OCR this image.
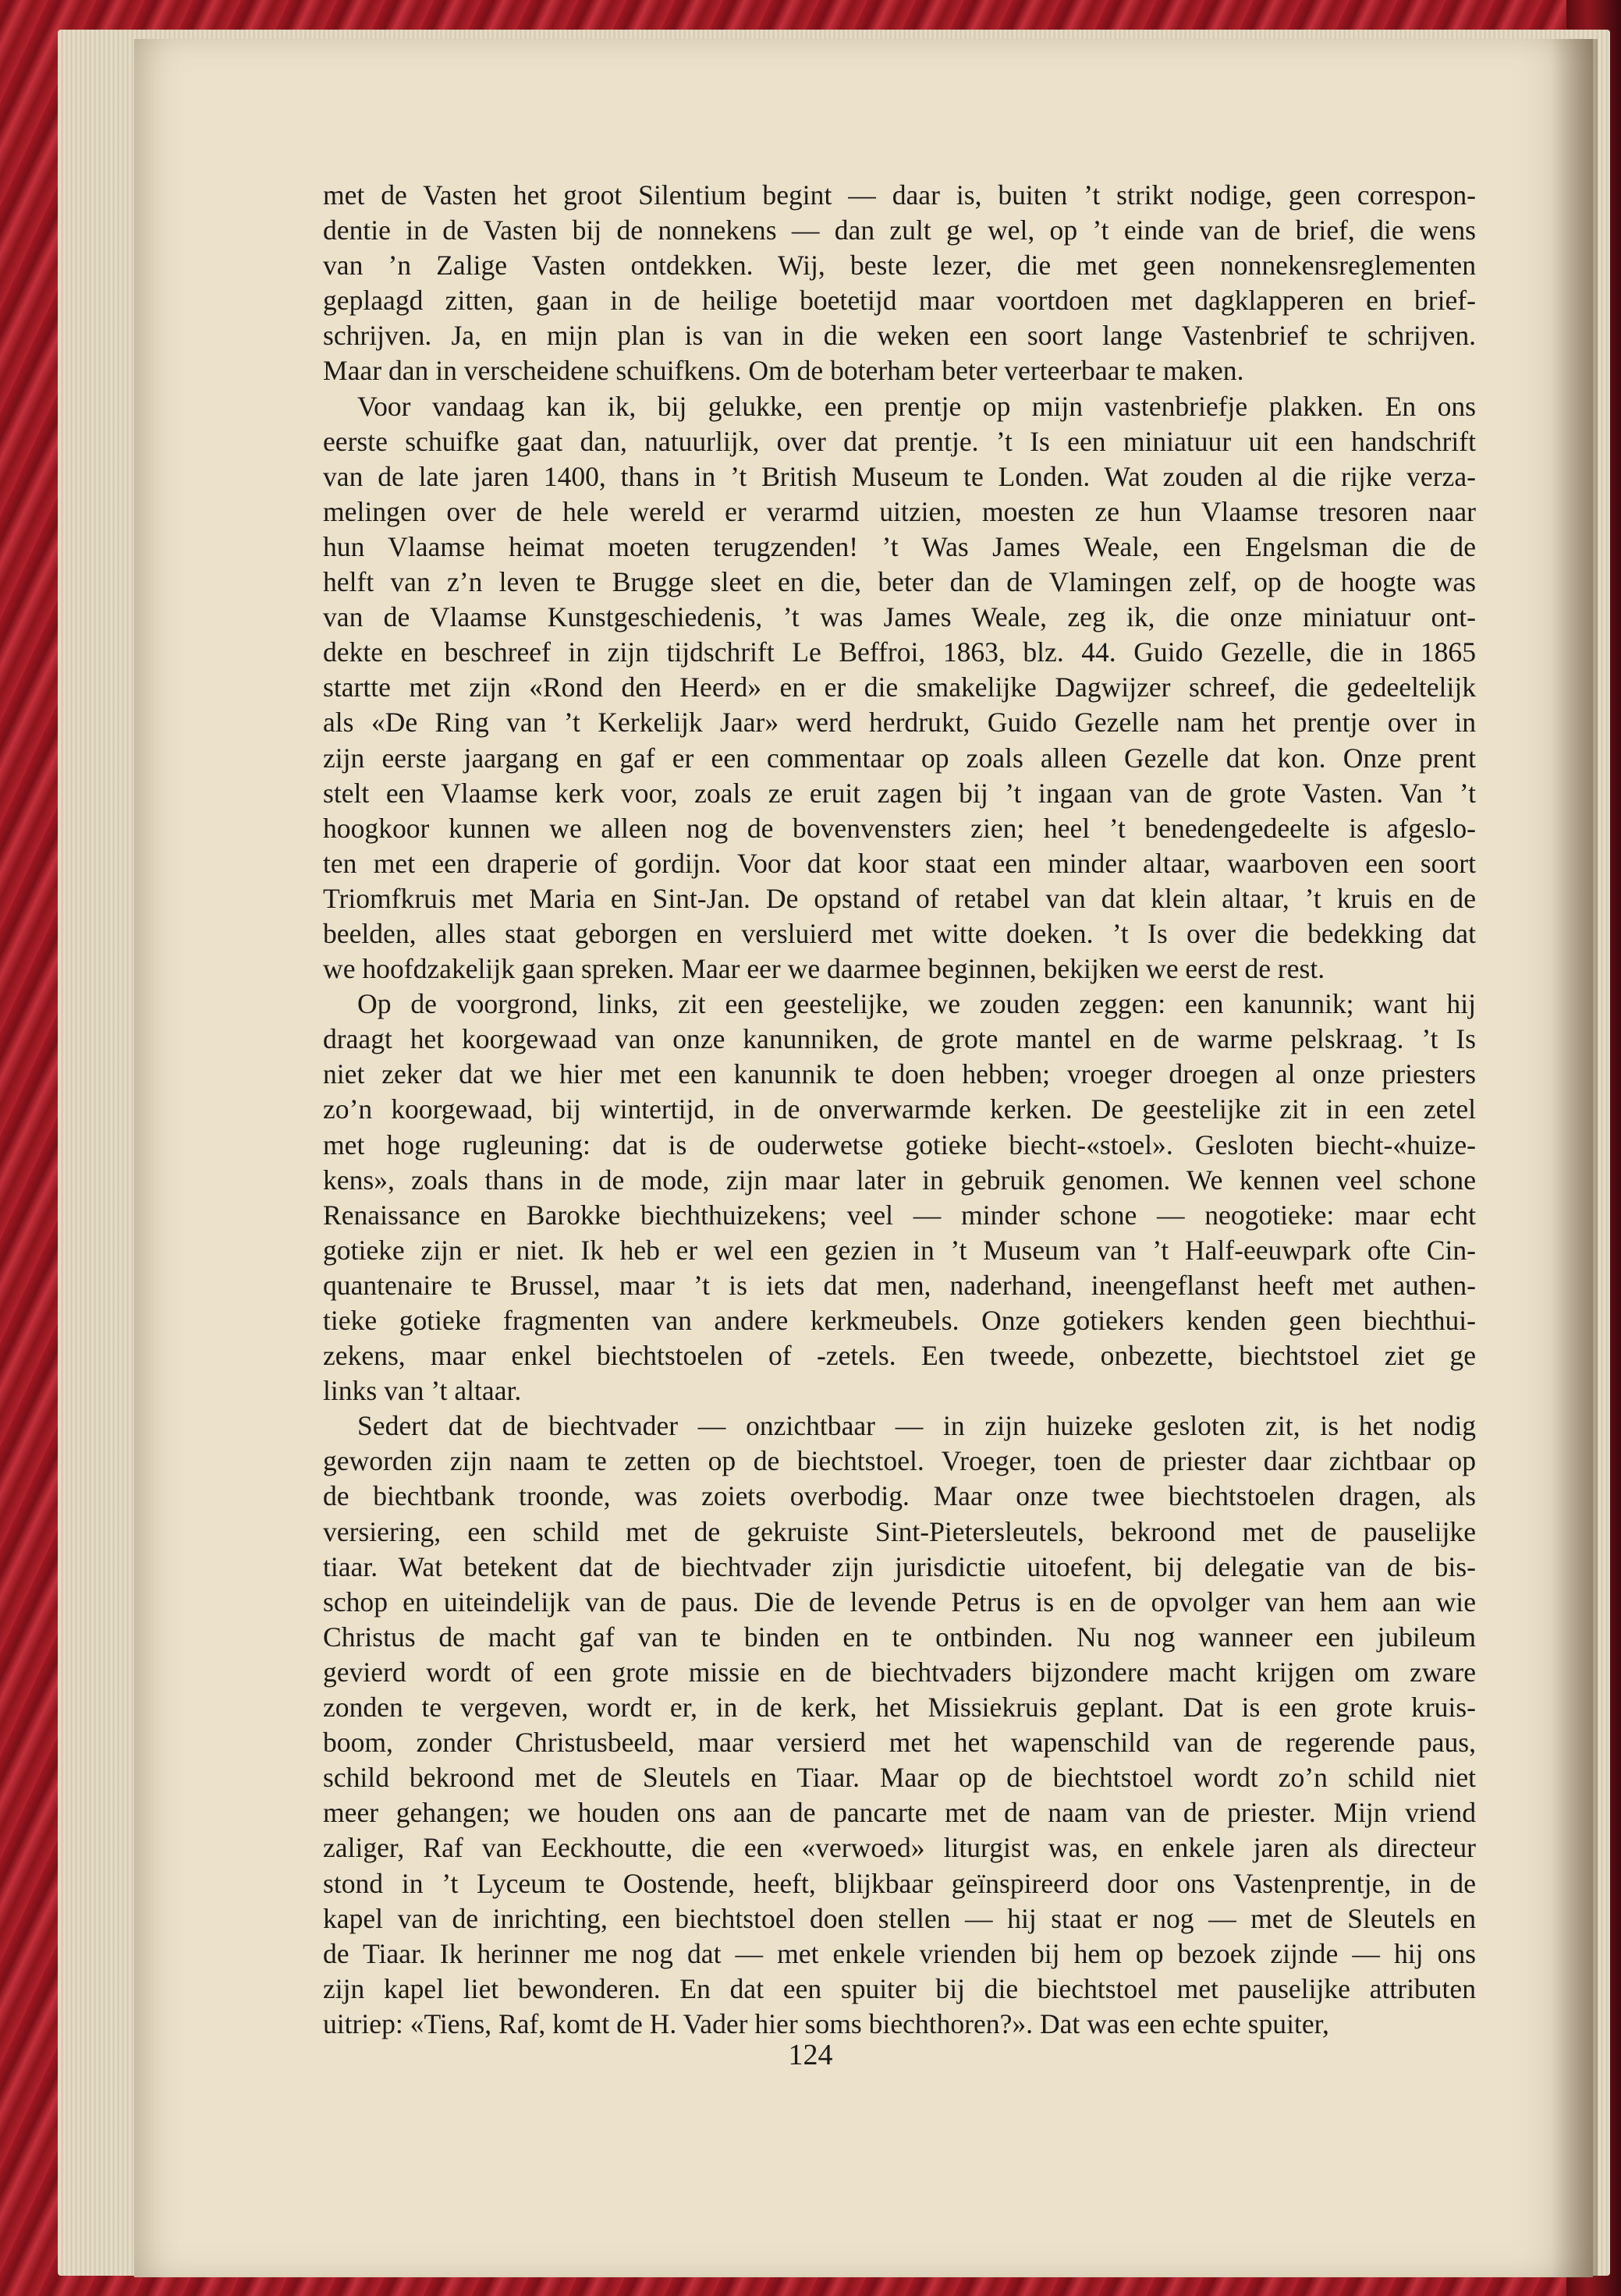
met de Vasten het groot Silentium begint — daar is, buiten ’t strikt nodige, geen correspon-
dentie in de Vasten bij de nonnekens — dan zult ge wel, op ’t einde van de brief, die wens
van ’n Zalige Vasten ontdekken. Wij, beste lezer, die met geen nonnekensreglementen
geplaagd zitten, gaan in de heilige boetetijd maar voortdoen met dagklapperen en brief-
schrijven. Ja, en mijn plan is van in die weken een soort lange Vastenbrief te schrijven.
Maar dan in verscheidene schuifkens. Om de boterham beter verteerbaar te maken.
Voor vandaag kan ik, bij gelukke, een prentje op mijn vastenbriefje plakken. En ons
eerste schuifke gaat dan, natuurlijk, over dat prentje. ’t Is een miniatuur uit een handschrift
van de late jaren 1400, thans in ’t British Museum te Londen. Wat zouden al die rijke verza-
melingen over de hele wereld er verarmd uitzien, moesten ze hun Vlaamse tresoren naar
hun Vlaamse heimat moeten terugzenden! ’t Was James Weale, een Engelsman die de
helft van z’n leven te Brugge sleet en die, beter dan de Vlamingen zelf, op de hoogte was
van de Vlaamse Kunstgeschiedenis, ’t was James Weale, zeg ik, die onze miniatuur ont-
dekte en beschreef in zijn tijdschrift Le Beffroi, 1863, blz. 44. Guido Gezelle, die in 1865
startte met zijn «Rond den Heerd» en er die smakelijke Dagwijzer schreef, die gedeeltelijk
als «De Ring van ’t Kerkelijk Jaar» werd herdrukt, Guido Gezelle nam het prentje over in
zijn eerste jaargang en gaf er een commentaar op zoals alleen Gezelle dat kon. Onze prent
stelt een Vlaamse kerk voor, zoals ze eruit zagen bij ’t ingaan van de grote Vasten. Van ’t
hoogkoor kunnen we alleen nog de bovenvensters zien; heel ’t benedengedeelte is afgeslo-
ten met een draperie of gordijn. Voor dat koor staat een minder altaar, waarboven een soort
Triomfkruis met Maria en Sint-Jan. De opstand of retabel van dat klein altaar, ’t kruis en de
beelden, alles staat geborgen en versluierd met witte doeken. ’t Is over die bedekking dat
we hoofdzakelijk gaan spreken. Maar eer we daarmee beginnen, bekijken we eerst de rest.
Op de voorgrond, links, zit een geestelijke, we zouden zeggen: een kanunnik; want hij
draagt het koorgewaad van onze kanunniken, de grote mantel en de warme pelskraag. ’t Is
niet zeker dat we hier met een kanunnik te doen hebben; vroeger droegen al onze priesters
zo’n koorgewaad, bij wintertijd, in de onverwarmde kerken. De geestelijke zit in een zetel
met hoge rugleuning: dat is de ouderwetse gotieke biecht-«stoel». Gesloten biecht-«huize-
kens», zoals thans in de mode, zijn maar later in gebruik genomen. We kennen veel schone
Renaissance en Barokke biechthuizekens; veel — minder schone — neogotieke: maar echt
gotieke zijn er niet. Ik heb er wel een gezien in ’t Museum van ’t Half-eeuwpark ofte Cin-
quantenaire te Brussel, maar ’t is iets dat men, naderhand, ineengeflanst heeft met authen-
tieke gotieke fragmenten van andere kerkmeubels. Onze gotiekers kenden geen biechthui-
zekens, maar enkel biechtstoelen of -zetels. Een tweede, onbezette, biechtstoel ziet ge
links van ’t altaar.
Sedert dat de biechtvader — onzichtbaar — in zijn huizeke gesloten zit, is het nodig
geworden zijn naam te zetten op de biechtstoel. Vroeger, toen de priester daar zichtbaar op
de biechtbank troonde, was zoiets overbodig. Maar onze twee biechtstoelen dragen, als
versiering, een schild met de gekruiste Sint-Pietersleutels, bekroond met de pauselijke
tiaar. Wat betekent dat de biechtvader zijn jurisdictie uitoefent, bij delegatie van de bis-
schop en uiteindelijk van de paus. Die de levende Petrus is en de opvolger van hem aan wie
Christus de macht gaf van te binden en te ontbinden. Nu nog wanneer een jubileum
gevierd wordt of een grote missie en de biechtvaders bijzondere macht krijgen om zware
zonden te vergeven, wordt er, in de kerk, het Missiekruis geplant. Dat is een grote kruis-
boom, zonder Christusbeeld, maar versierd met het wapenschild van de regerende paus,
schild bekroond met de Sleutels en Tiaar. Maar op de biechtstoel wordt zo’n schild niet
meer gehangen; we houden ons aan de pancarte met de naam van de priester. Mijn vriend
zaliger, Raf van Eeckhoutte, die een «verwoed» liturgist was, en enkele jaren als directeur
stond in ’t Lyceum te Oostende, heeft, blijkbaar geïnspireerd door ons Vastenprentje, in de
kapel van de inrichting, een biechtstoel doen stellen — hij staat er nog — met de Sleutels en
de Tiaar. Ik herinner me nog dat — met enkele vrienden bij hem op bezoek zijnde — hij ons
zijn kapel liet bewonderen. En dat een spuiter bij die biechtstoel met pauselijke attributen
uitriep: «Tiens, Raf, komt de H. Vader hier soms biechthoren?». Dat was een echte spuiter,
124
